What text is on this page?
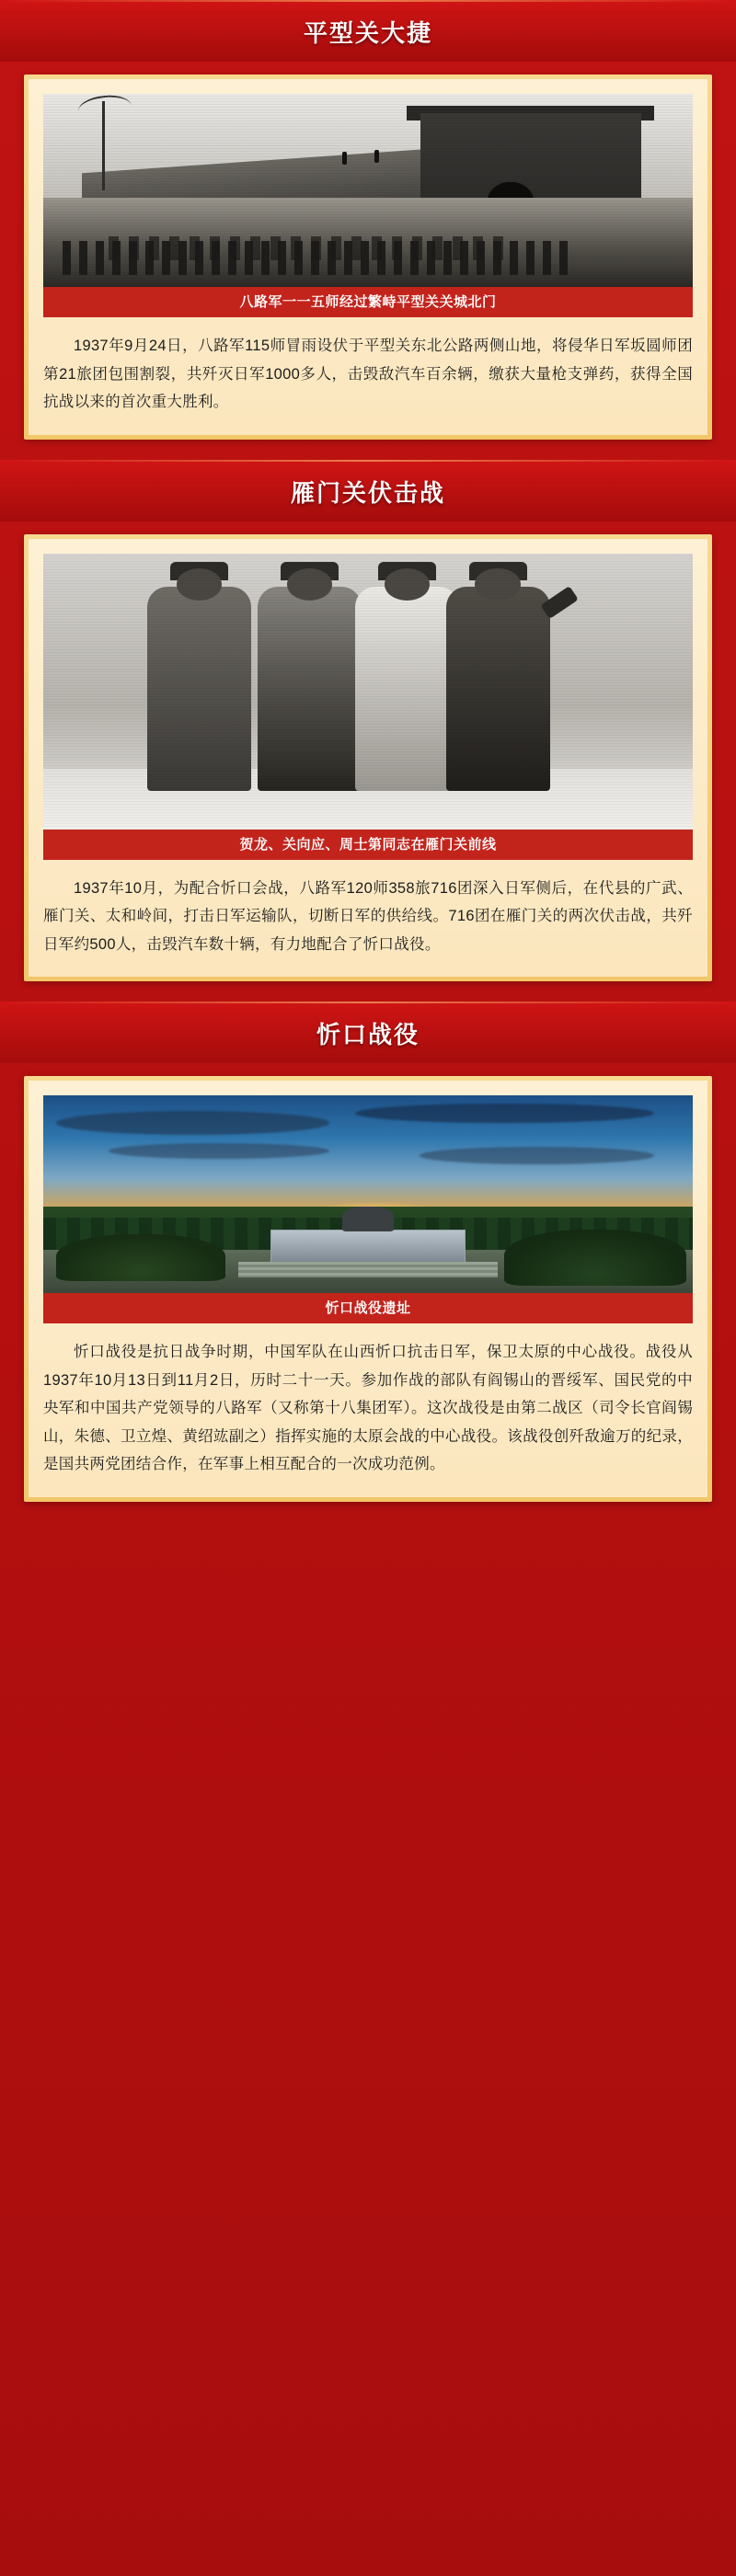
平型关大捷
八路军一一五师经过繁峙平型关关城北门

1937年9月24日，八路军115师冒雨设伏于平型关东北公路两侧山地，将侵华日军坂圆师团第21旅团包围割裂，共歼灭日军1000多人，击毁敌汽车百余辆，缴获大量枪支弹药，获得全国抗战以来的首次重大胜利。

雁门关伏击战
贺龙、关向应、周士第同志在雁门关前线

1937年10月，为配合忻口会战，八路军120师358旅716团深入日军侧后，在代县的广武、雁门关、太和岭间，打击日军运输队，切断日军的供给线。716团在雁门关的两次伏击战，共歼日军约500人，击毁汽车数十辆，有力地配合了忻口战役。

忻口战役
忻口战役遗址

忻口战役是抗日战争时期，中国军队在山西忻口抗击日军，保卫太原的中心战役。战役从1937年10月13日到11月2日，历时二十一天。参加作战的部队有阎锡山的晋绥军、国民党的中央军和中国共产党领导的八路军（又称第十八集团军）。这次战役是由第二战区（司令长官阎锡山，朱德、卫立煌、黄绍竑副之）指挥实施的太原会战的中心战役。该战役创歼敌逾万的纪录，是国共两党团结合作，在军事上相互配合的一次成功范例。
